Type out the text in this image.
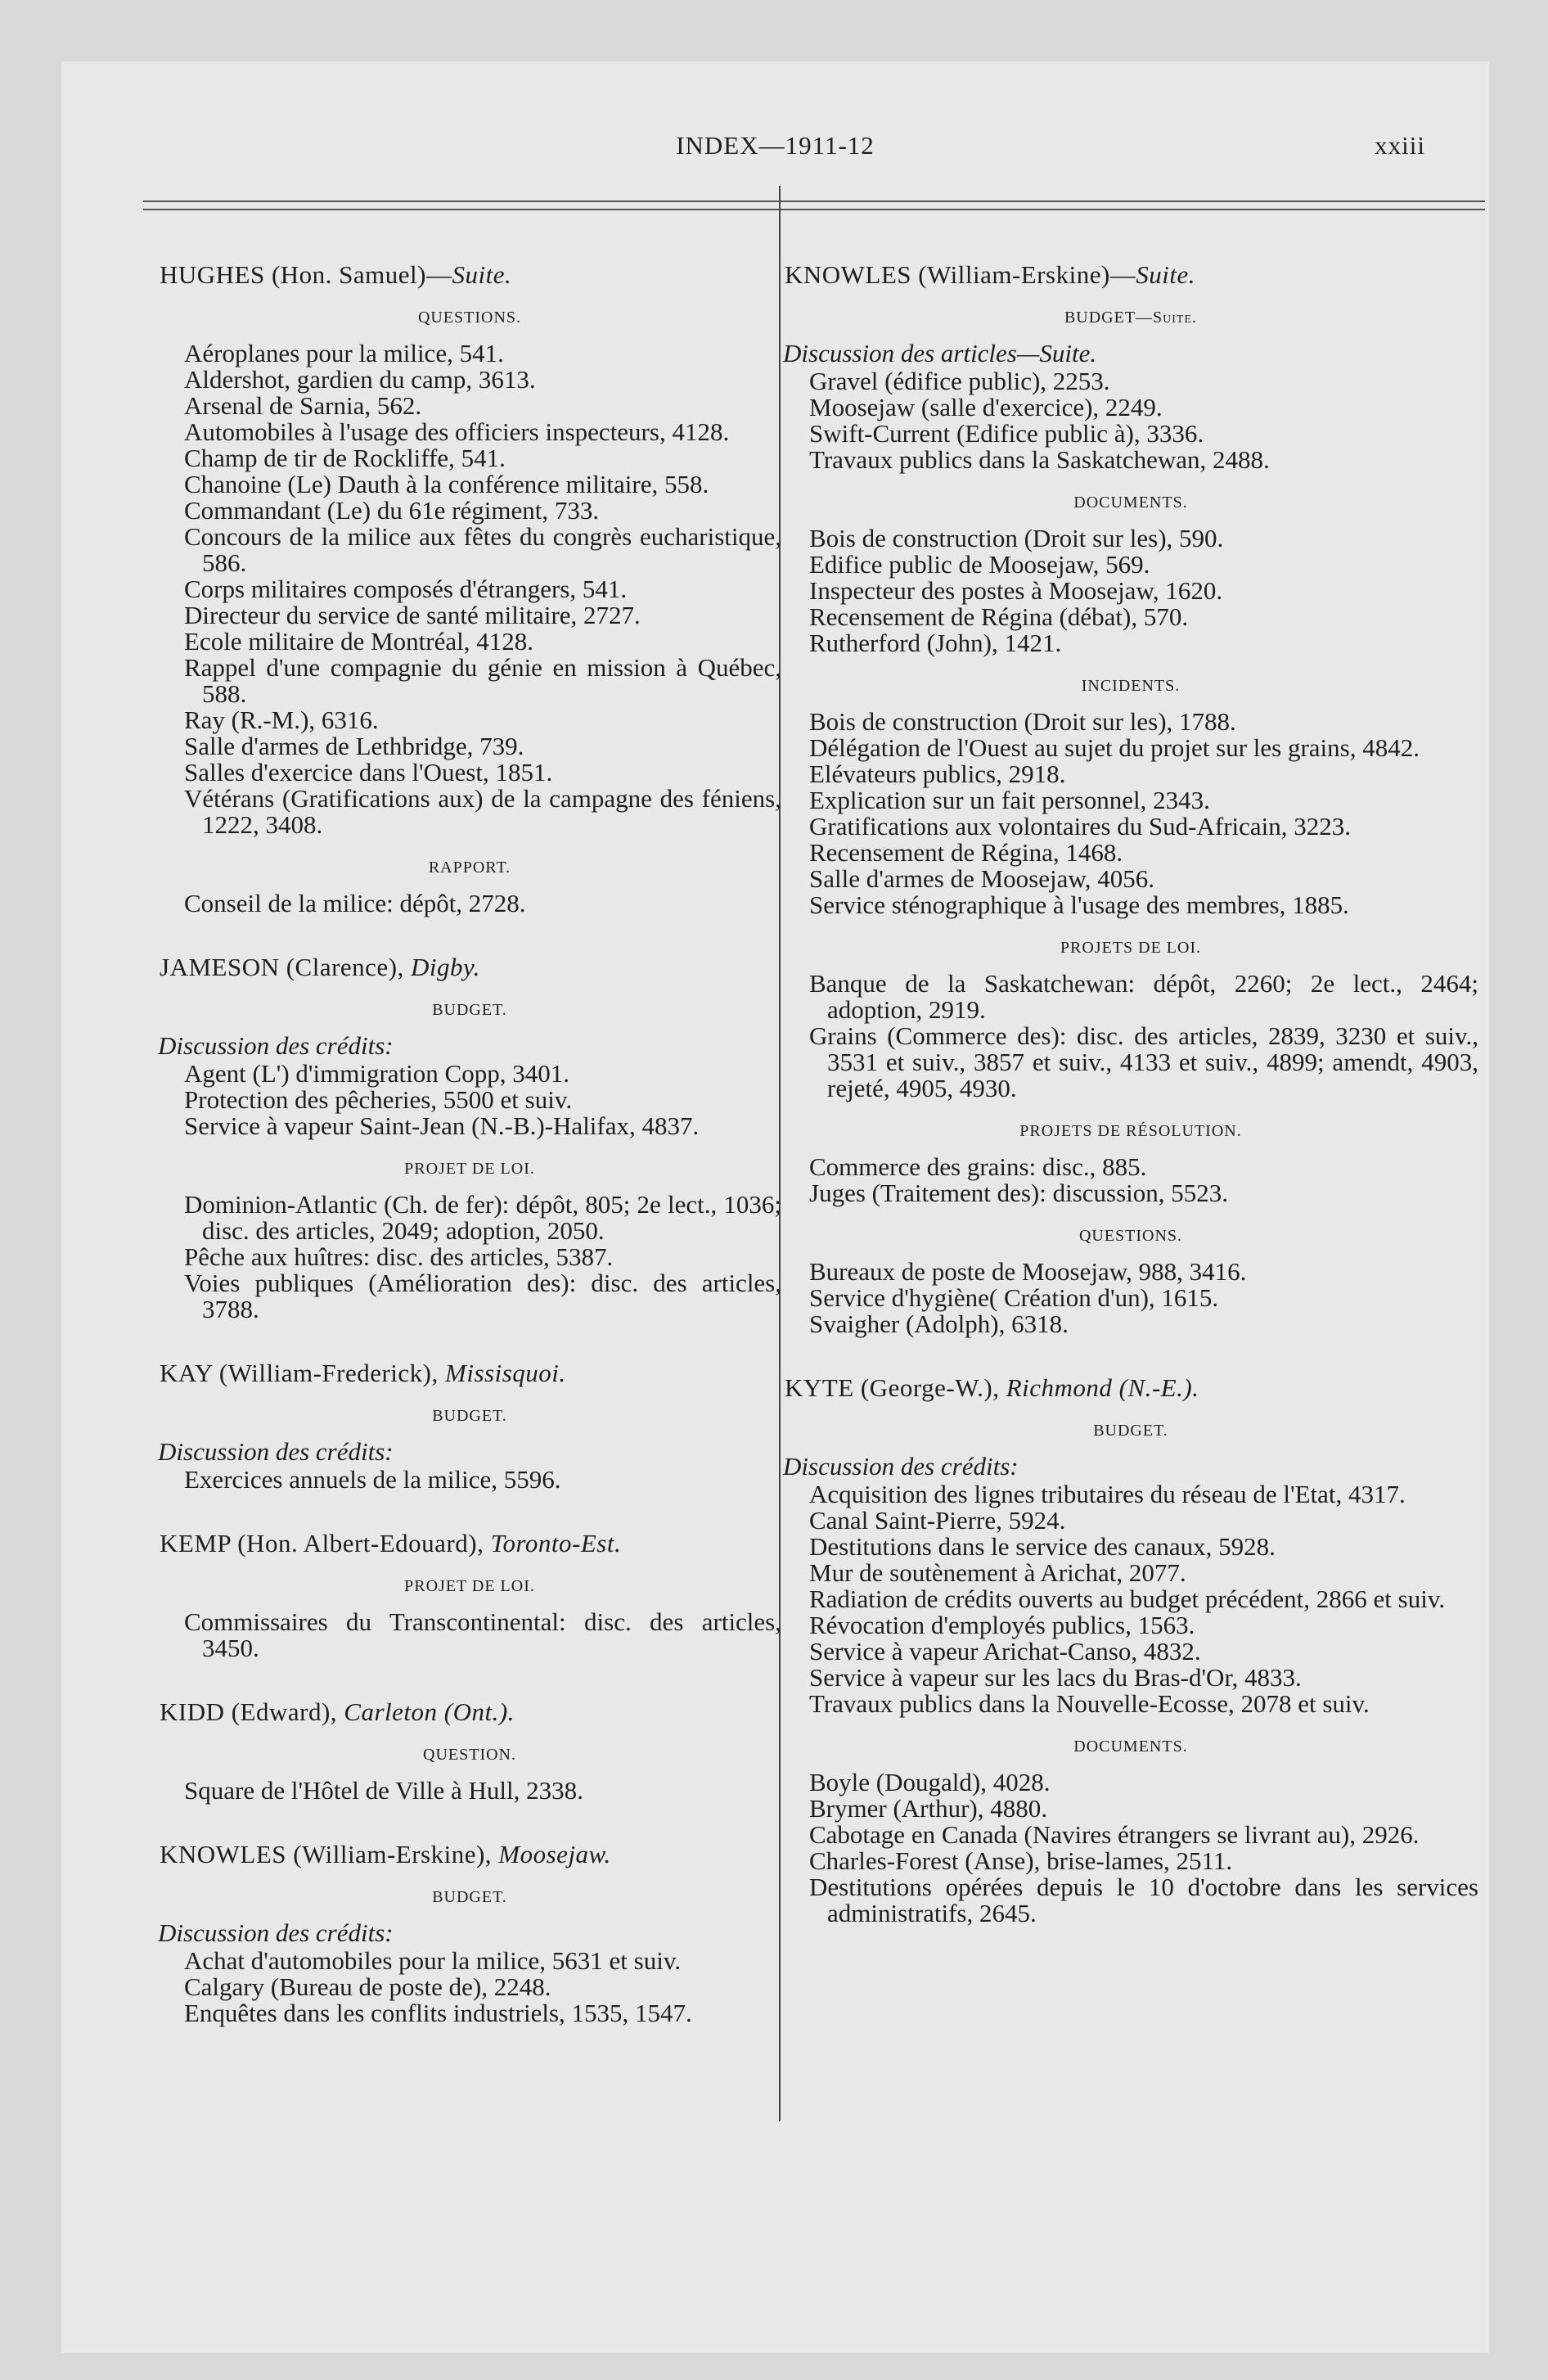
INDEX—1911-12	xxiii
HUGHES (Hon. Samuel)—Suite.
QUESTIONS.

Aéroplanes pour la milice, 541.

Aldershot, gardien du camp, 3613.

Arsenal de Sarnia, 562.

Automobiles à l'usage des officiers inspecteurs, 4128.

Champ de tir de Rockliffe, 541.

Chanoine (Le) Dauth à la conférence militaire, 558.

Commandant (Le) du 61e régiment, 733.

Concours de la milice aux fêtes du congrès eucharistique, 586.

Corps militaires composés d'étrangers, 541.

Directeur du service de santé militaire, 2727.

Ecole militaire de Montréal, 4128.

Rappel d'une compagnie du génie en mission à Québec, 588.

Ray (R.-M.), 6316.

Salle d'armes de Lethbridge, 739.

Salles d'exercice dans l'Ouest, 1851.

Vétérans (Gratifications aux) de la campagne des féniens, 1222, 3408.

RAPPORT.

Conseil de la milice: dépôt, 2728.

JAMESON (Clarence), Digby.
BUDGET.
Discussion des crédits:

Agent (L') d'immigration Copp, 3401.

Protection des pêcheries, 5500 et suiv.

Service à vapeur Saint-Jean (N.-B.)-Halifax, 4837.

PROJET DE LOI.

Dominion-Atlantic (Ch. de fer): dépôt, 805; 2e lect., 1036; disc. des articles, 2049; adoption, 2050.

Pêche aux huîtres: disc. des articles, 5387.

Voies publiques (Amélioration des): disc. des articles, 3788.

KAY (William-Frederick), Missisquoi.
BUDGET.
Discussion des crédits:

Exercices annuels de la milice, 5596.

KEMP (Hon. Albert-Edouard), Toronto-Est.
PROJET DE LOI.

Commissaires du Transcontinental: disc. des articles, 3450.

KIDD (Edward), Carleton (Ont.).
QUESTION.

Square de l'Hôtel de Ville à Hull, 2338.

KNOWLES (William-Erskine), Moosejaw.
BUDGET.
Discussion des crédits:

Achat d'automobiles pour la milice, 5631 et suiv.

Calgary (Bureau de poste de), 2248.

Enquêtes dans les conflits industriels, 1535, 1547.

KNOWLES (William-Erskine)—Suite.
BUDGET—Suite.
Discussion des articles—Suite.

Gravel (édifice public), 2253.

Moosejaw (salle d'exercice), 2249.

Swift-Current (Edifice public à), 3336.

Travaux publics dans la Saskatchewan, 2488.

DOCUMENTS.

Bois de construction (Droit sur les), 590.

Edifice public de Moosejaw, 569.

Inspecteur des postes à Moosejaw, 1620.

Recensement de Régina (débat), 570.

Rutherford (John), 1421.

INCIDENTS.

Bois de construction (Droit sur les), 1788.

Délégation de l'Ouest au sujet du projet sur les grains, 4842.

Elévateurs publics, 2918.

Explication sur un fait personnel, 2343.

Gratifications aux volontaires du Sud-Africain, 3223.

Recensement de Régina, 1468.

Salle d'armes de Moosejaw, 4056.

Service sténographique à l'usage des membres, 1885.

PROJETS DE LOI.

Banque de la Saskatchewan: dépôt, 2260; 2e lect., 2464; adoption, 2919.

Grains (Commerce des): disc. des articles, 2839, 3230 et suiv., 3531 et suiv., 3857 et suiv., 4133 et suiv., 4899; amendt, 4903, rejeté, 4905, 4930.

PROJETS DE RÉSOLUTION.

Commerce des grains: disc., 885.

Juges (Traitement des): discussion, 5523.

QUESTIONS.

Bureaux de poste de Moosejaw, 988, 3416.

Service d'hygiène( Création d'un), 1615.

Svaigher (Adolph), 6318.

KYTE (George-W.), Richmond (N.-E.).
BUDGET.
Discussion des crédits:

Acquisition des lignes tributaires du réseau de l'Etat, 4317.

Canal Saint-Pierre, 5924.

Destitutions dans le service des canaux, 5928.

Mur de soutènement à Arichat, 2077.

Radiation de crédits ouverts au budget précédent, 2866 et suiv.

Révocation d'employés publics, 1563.

Service à vapeur Arichat-Canso, 4832.

Service à vapeur sur les lacs du Bras-d'Or, 4833.

Travaux publics dans la Nouvelle-Ecosse, 2078 et suiv.

DOCUMENTS.

Boyle (Dougald), 4028.

Brymer (Arthur), 4880.

Cabotage en Canada (Navires étrangers se livrant au), 2926.

Charles-Forest (Anse), brise-lames, 2511.

Destitutions opérées depuis le 10 d'octobre dans les services administratifs, 2645.
